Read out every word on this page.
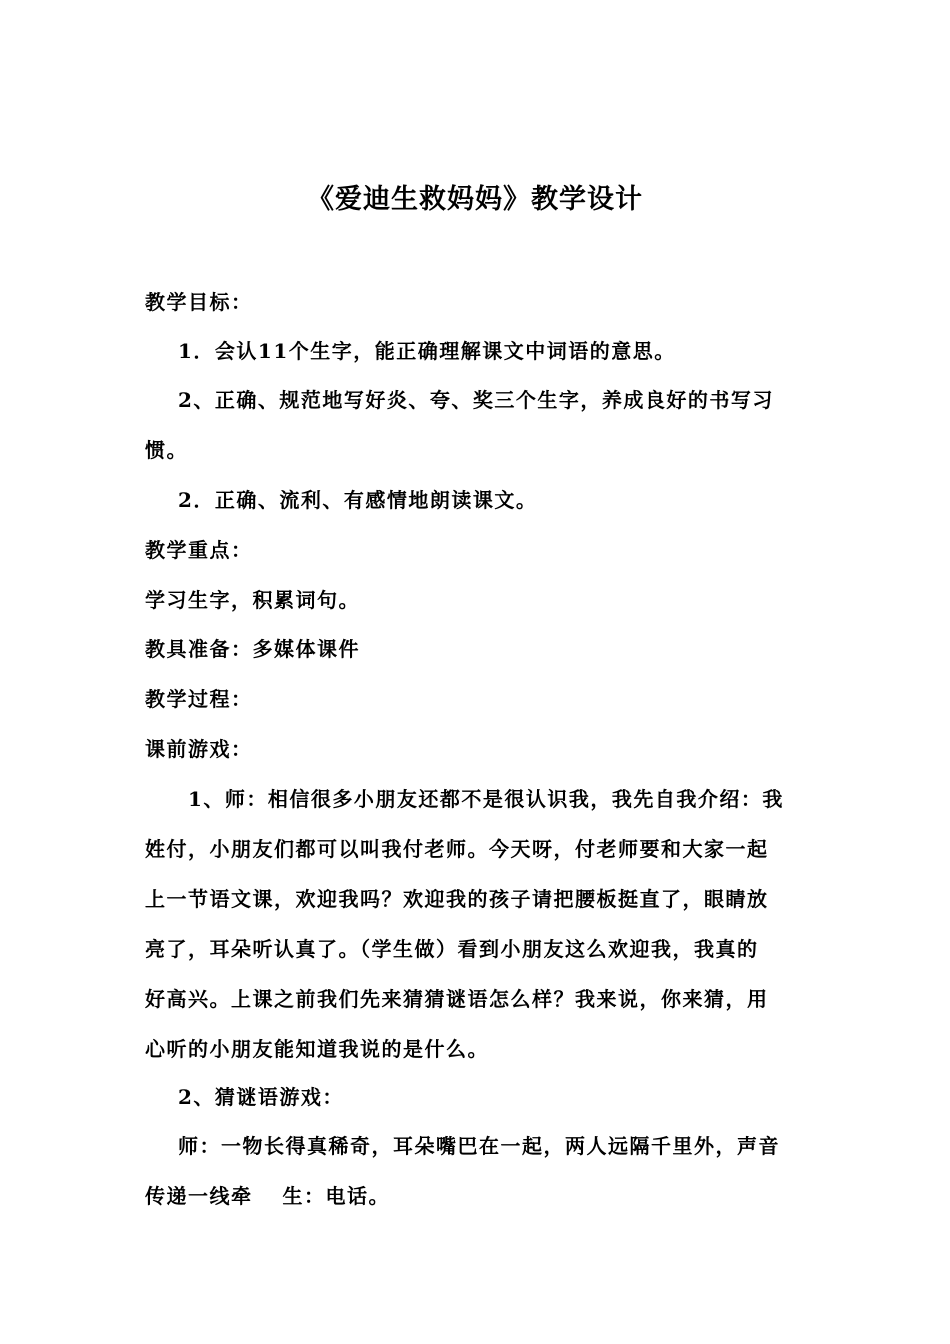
《爱迪生救妈妈》教学设计
教学目标：
1．会认11个生字，能正确理解课文中词语的意思。
2、正确、规范地写好炎、夸、奖三个生字，养成良好的书写习
惯。
2．正确、流利、有感情地朗读课文。
教学重点：
学习生字，积累词句。
教具准备：多媒体课件
教学过程：
课前游戏：
1、师：相信很多小朋友还都不是很认识我，我先自我介绍：我
姓付，小朋友们都可以叫我付老师。今天呀，付老师要和大家一起
上一节语文课，欢迎我吗？欢迎我的孩子请把腰板挺直了，眼睛放
亮了，耳朵听认真了。（学生做）看到小朋友这么欢迎我，我真的
好高兴。上课之前我们先来猜猜谜语怎么样？我来说，你来猜，用
心听的小朋友能知道我说的是什么。
2、猜谜语游戏：
师：一物长得真稀奇，耳朵嘴巴在一起，两人远隔千里外，声音
传递一线牵　 生：电话。
